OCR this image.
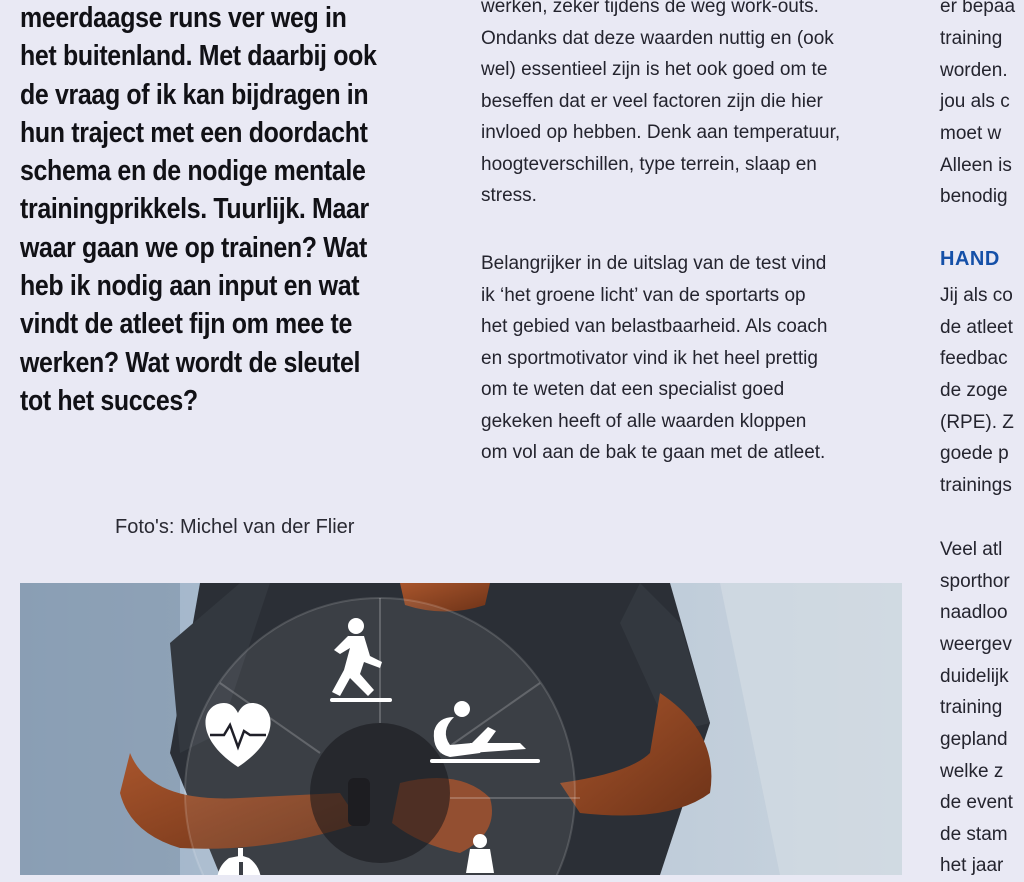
meerdaagse runs ver weg in
het buitenland. Met daarbij ook
de vraag of ik kan bijdragen in
hun traject met een doordacht
schema en de nodige mentale
trainingprikkels. Tuurlijk. Maar
waar gaan we op trainen? Wat
heb ik nodig aan input en wat
vindt de atleet fijn om mee te
werken? Wat wordt de sleutel
tot het succes?
Foto's: Michel van der Flier
werken, zeker tijdens de weg work-outs.
Ondanks dat deze waarden nuttig en (ook
wel) essentieel zijn is het ook goed om te
beseffen dat er veel factoren zijn die hier
invloed op hebben. Denk aan temperatuur,
hoogteverschillen, type terrein, slaap en
stress.
Belangrijker in de uitslag van de test vind
ik ‘het groene licht’ van de sportarts op
het gebied van belastbaarheid. Als coach
en sportmotivator vind ik het heel prettig
om te weten dat een specialist goed
gekeken heeft of alle waarden kloppen
om vol aan de bak te gaan met de atleet.
er bepaa
training
worden.
jou als c
moet w
Alleen is
benodig
HAND
Jij als co
de atleet
feedbac
de zoge
(RPE). Z
goede p
trainings
Veel atl
sporthor
naadloo
weergev
duidelijk
training
gepland
welke z
de event
de stam
het jaar
